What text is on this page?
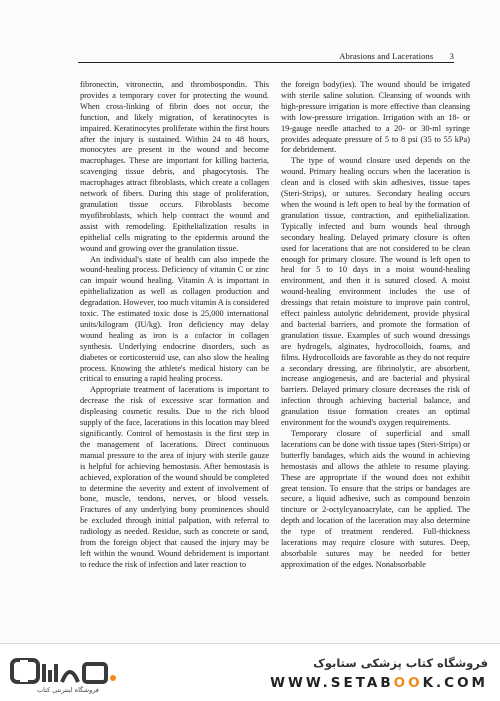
Abrasions and Lacerations 3

fibronectin, vitronectin, and thrombospondin. This provides a temporary cover for protecting the wound. When cross-linking of fibrin does not occur, the function, and likely migration, of keratinocytes is impaired. Keratinocytes proliferate within the first hours after the injury is sustained. Within 24 to 48 hours, monocytes are present in the wound and become macrophages. These are important for killing bacteria, scavenging tissue debris, and phagocytosis. The macrophages attract fibroblasts, which create a collagen network of fibers. During this stage of proliferation, granulation tissue occurs. Fibroblasts become myofibroblasts, which help contract the wound and assist with remodeling. Epithelialization results in epithelial cells migrating to the epidermis around the wound and growing over the granulation tissue.

An individual's state of health can also impede the wound-healing process. Deficiency of vitamin C or zinc can impair wound healing. Vitamin A is important in epithelialization as well as collagen production and degradation. However, too much vitamin A is considered toxic. The estimated toxic dose is 25,000 international units/kilogram (IU/kg). Iron deficiency may delay wound healing as iron is a cofactor in collagen synthesis. Underlying endocrine disorders, such as diabetes or corticosteroid use, can also slow the healing process. Knowing the athlete's medical history can be critical to ensuring a rapid healing process.

Appropriate treatment of lacerations is important to decrease the risk of excessive scar formation and displeasing cosmetic results. Due to the rich blood supply of the face, lacerations in this location may bleed significantly. Control of hemostasis is the first step in the management of lacerations. Direct continuous manual pressure to the area of injury with sterile gauze is helpful for achieving hemostasis. After hemostasis is achieved, exploration of the wound should be completed to determine the severity and extent of involvement of bone, muscle, tendons, nerves, or blood vessels. Fractures of any underlying bony prominences should be excluded through initial palpation, with referral to radiology as needed. Residue, such as concrete or sand, from the foreign object that caused the injury may be left within the wound. Wound debridement is important to reduce the risk of infection and later reaction to

the foreign body(ies). The wound should be irrigated with sterile saline solution. Cleansing of wounds with high-pressure irrigation is more effective than cleansing with low-pressure irrigation. Irrigation with an 18- or 19-gauge needle attached to a 20- or 30-ml syringe provides adequate pressure of 5 to 8 psi (35 to 55 kPa) for debridement.

The type of wound closure used depends on the wound. Primary healing occurs when the laceration is clean and is closed with skin adhesives, tissue tapes (Steri-Strips), or sutures. Secondary healing occurs when the wound is left open to heal by the formation of granulation tissue, contraction, and epithelialization. Typically infected and burn wounds heal through secondary healing. Delayed primary closure is often used for lacerations that are not considered to be clean enough for primary closure. The wound is left open to heal for 5 to 10 days in a moist wound-healing environment, and then it is sutured closed. A moist wound-healing environment includes the use of dressings that retain moisture to improve pain control, effect painless autolytic debridement, provide physical and bacterial barriers, and promote the formation of granulation tissue. Examples of such wound dressings are hydrogels, alginates, hydrocolloids, foams, and films. Hydrocolloids are favorable as they do not require a secondary dressing, are fibrinolytic, are absorbent, increase angiogenesis, and are bacterial and physical barriers. Delayed primary closure decreases the risk of infection through achieving bacterial balance, and granulation tissue formation creates an optimal environment for the wound's oxygen requirements.

Temporary closure of superficial and small lacerations can be done with tissue tapes (Steri-Strips) or butterfly bandages, which aids the wound in achieving hemostasis and allows the athlete to resume playing. These are appropriate if the wound does not exhibit great tension. To ensure that the strips or bandages are secure, a liquid adhesive, such as compound benzoin tincture or 2-octylcyanoacrylate, can be applied. The depth and location of the laceration may also determine the type of treatment rendered. Full-thickness lacerations may require closure with sutures. Deep, absorbable sutures may be needed for better approximation of the edges. Nonabsorbable

فروشگاه اینترنتی کتاب
فروشگاه کتاب پزشکی ستابوک
WWW.SETABOOK.COM
